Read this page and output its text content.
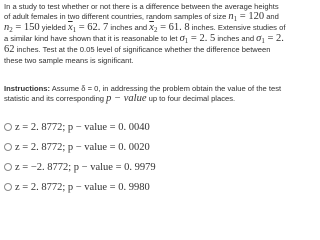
In a study to test whether or not there is a difference between the average heights of adult females in two different countries, random samples of size $n_1 = 120$ and
$n_2 = 150$ yielded $\overline{x}_1 = 62$. 7 inches and $\overline{x}_2 = 61$. 8 inches. Extensive studies of a similar kind have shown that it is reasonable to let $\sigma_1 = 2$. 5 inches and $\sigma_1 = 2$. 62 inches. Test at the 0.05 level of significance whether the difference between these two sample means is significant.
Instructions: Assume δ = 0, in addressing the problem obtain the value of the test statistic and its corresponding p − value up to four decimal places.
z = 2. 8772; p − value = 0. 0040
z = 2. 8772; p − value = 0. 0020
z = −2. 8772; p − value = 0. 9979
z = 2. 8772; p − value = 0. 9980
